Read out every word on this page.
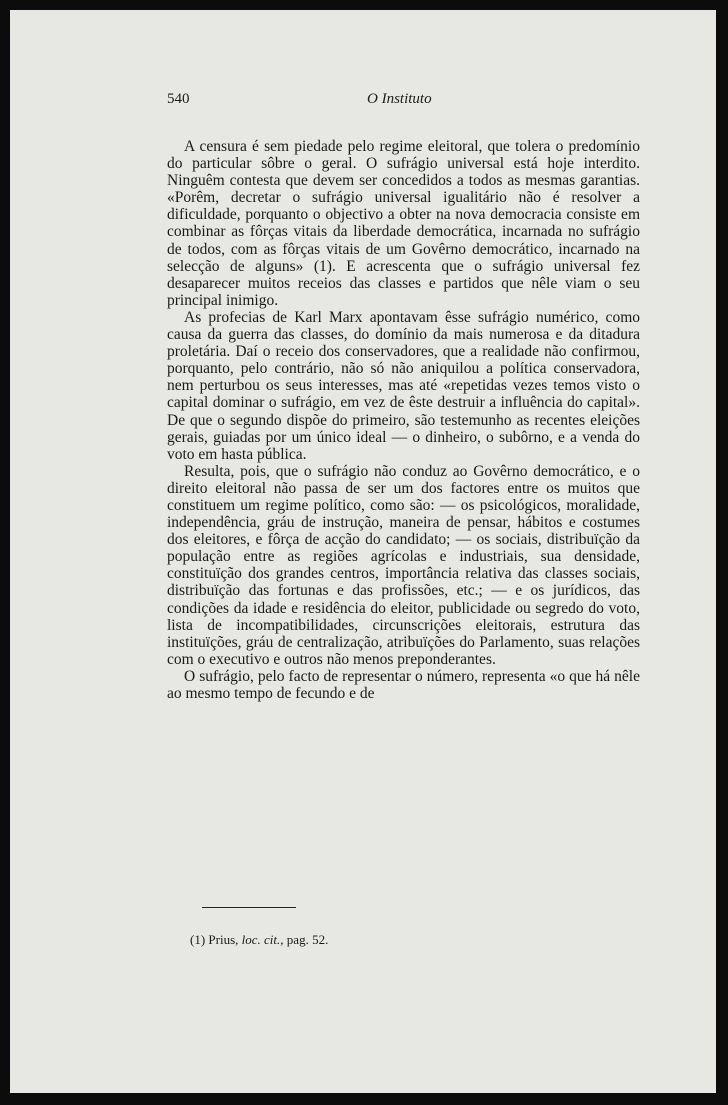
540	O Instituto

A censura é sem piedade pelo regime eleitoral, que tolera o predomínio do particular sôbre o geral. O sufrágio universal está hoje interdito. Ninguêm contesta que devem ser concedidos a todos as mesmas garantias. «Porêm, decretar o sufrágio universal igualitário não é resolver a dificuldade, porquanto o objectivo a obter na nova democracia consiste em combinar as fôrças vitais da liberdade democrática, incarnada no sufrágio de todos, com as fôrças vitais de um Govêrno democrático, incarnado na selecção de alguns» (1). E acrescenta que o sufrágio universal fez desaparecer muitos receios das classes e partidos que nêle viam o seu principal inimigo.

As profecias de Karl Marx apontavam êsse sufrágio numérico, como causa da guerra das classes, do domínio da mais numerosa e da ditadura proletária. Daí o receio dos conservadores, que a realidade não confirmou, porquanto, pelo contrário, não só não aniquilou a política conservadora, nem perturbou os seus interesses, mas até «repetidas vezes temos visto o capital dominar o sufrágio, em vez de êste destruir a influência do capital». De que o segundo dispõe do primeiro, são testemunho as recentes eleições gerais, guiadas por um único ideal — o dinheiro, o subôrno, e a venda do voto em hasta pública.

Resulta, pois, que o sufrágio não conduz ao Govêrno democrático, e o direito eleitoral não passa de ser um dos factores entre os muitos que constituem um regime político, como são: — os psicológicos, moralidade, independência, gráu de instrução, maneira de pensar, hábitos e costumes dos eleitores, e fôrça de acção do candidato; — os sociais, distribuïção da população entre as regiões agrícolas e industriais, sua densidade, constituïção dos grandes centros, importância relativa das classes sociais, distribuïção das fortunas e das profissões, etc.; — e os jurídicos, das condições da idade e residência do eleitor, publicidade ou segredo do voto, lista de incompatibilidades, circunscrições eleitorais, estrutura das instituïções, gráu de centralização, atribuïções do Parlamento, suas relações com o executivo e outros não menos preponderantes.

O sufrágio, pelo facto de representar o número, representa «o que há nêle ao mesmo tempo de fecundo e de

(1) Prius, loc. cit., pag. 52.
